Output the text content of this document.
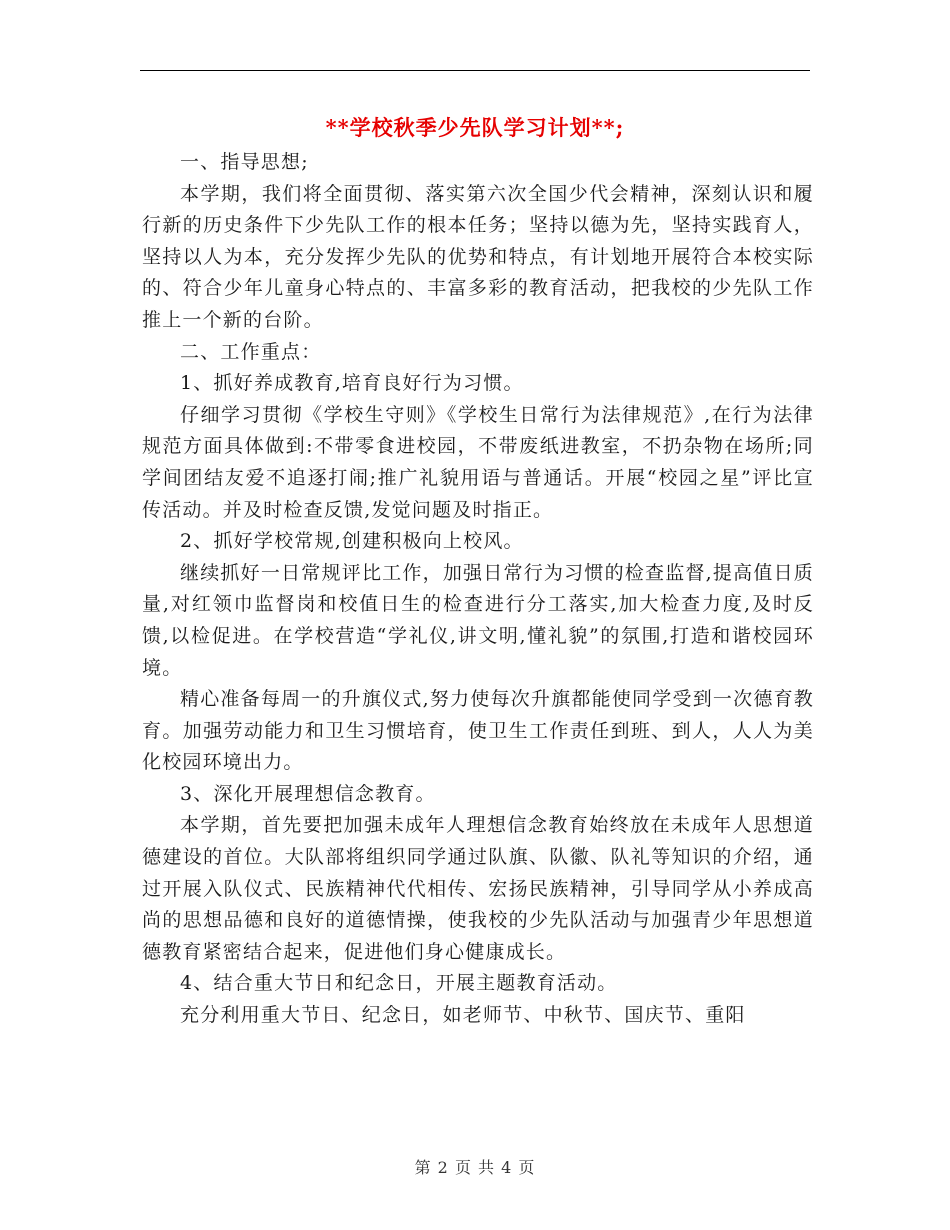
**学校秋季少先队学习计划**;

一、指导思想;

本学期，我们将全面贯彻、落实第六次全国少代会精神，深刻认识和履行新的历史条件下少先队工作的根本任务；坚持以德为先，坚持实践育人，坚持以人为本，充分发挥少先队的优势和特点，有计划地开展符合本校实际的、符合少年儿童身心特点的、丰富多彩的教育活动，把我校的少先队工作推上一个新的台阶。

二、工作重点：

1、抓好养成教育,培育良好行为习惯。

仔细学习贯彻《学校生守则》《学校生日常行为法律规范》,在行为法律规范方面具体做到:不带零食进校园，不带废纸进教室，不扔杂物在场所;同学间团结友爱不追逐打闹;推广礼貌用语与普通话。开展“校园之星”评比宣传活动。并及时检查反馈,发觉问题及时指正。

2、抓好学校常规,创建积极向上校风。

继续抓好一日常规评比工作，加强日常行为习惯的检查监督,提高值日质量,对红领巾监督岗和校值日生的检查进行分工落实,加大检查力度,及时反馈,以检促进。在学校营造“学礼仪,讲文明,懂礼貌”的氛围,打造和谐校园环境。

精心准备每周一的升旗仪式,努力使每次升旗都能使同学受到一次德育教育。加强劳动能力和卫生习惯培育，使卫生工作责任到班、到人，人人为美化校园环境出力。

3、深化开展理想信念教育。

本学期，首先要把加强未成年人理想信念教育始终放在未成年人思想道德建设的首位。大队部将组织同学通过队旗、队徽、队礼等知识的介绍，通过开展入队仪式、民族精神代代相传、宏扬民族精神，引导同学从小养成高尚的思想品德和良好的道德情操，使我校的少先队活动与加强青少年思想道德教育紧密结合起来，促进他们身心健康成长。

4、结合重大节日和纪念日，开展主题教育活动。

充分利用重大节日、纪念日，如老师节、中秋节、国庆节、重阳

第 2 页 共 4 页
